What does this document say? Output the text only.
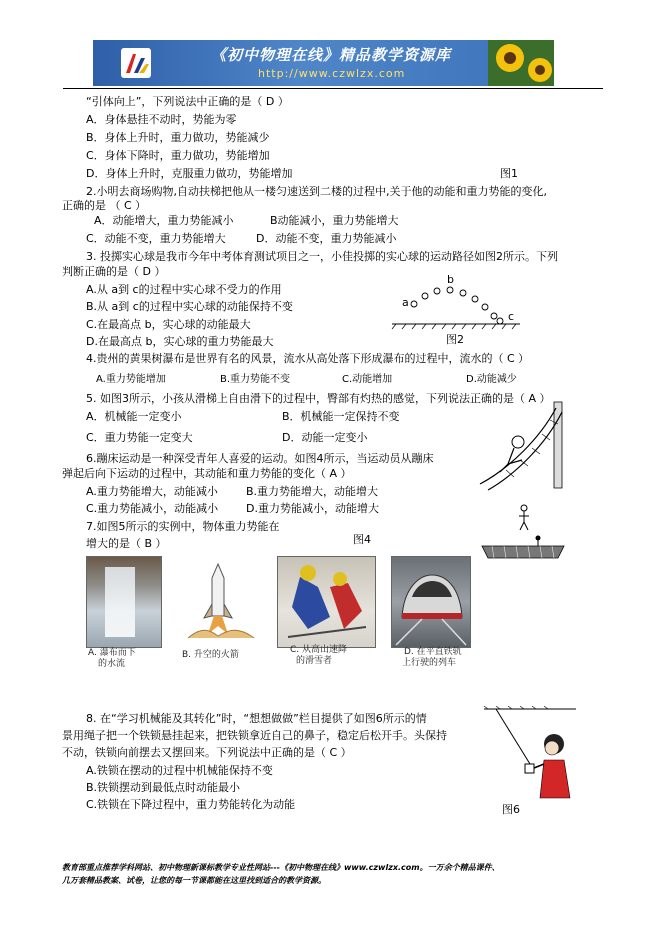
《初中物理在线》精品教学资源库
http://www.czwlzx.com
“引体向上”，下列说法中正确的是（ D ）
A．身体悬挂不动时，势能为零
B．身体上升时，重力做功，势能减少
C．身体下降时，重力做功，势能增加
D．身体上升时，克服重力做功，势能增加	图1
2.小明去商场购物,自动扶梯把他从一楼匀速送到二楼的过程中,关于他的动能和重力势能的变化,
正确的是 （ C ）
A．动能增大，重力势能减小	B动能减小，重力势能增大
C．动能不变，重力势能增大	D．动能不变，重力势能减小
3. 投掷实心球是我市今年中考体育测试项目之一，小佳投掷的实心球的运动路径如图2所示。下列
判断正确的是（ D ）
A.从 a到 c的过程中实心球不受力的作用
B.从 a到 c的过程中实心球的动能保持不变
C.在最高点 b，实心球的动能最大
D.在最高点 b，实心球的重力势能最大
a
b
c
图2
4.贵州的黄果树瀑布是世界有名的风景，流水从高处落下形成瀑布的过程中，流水的（ C ）
A.重力势能增加	B.重力势能不变	C.动能增加	D.动能减少
5. 如图3所示，小孩从滑梯上自由滑下的过程中，臀部有灼热的感觉，下列说法正确的是（ A ）
A．机械能一定变小	B．机械能一定保持不变
C．重力势能一定变大	D．动能一定变小
6.蹦床运动是一种深受青年人喜爱的运动。如图4所示，当运动员从蹦床
弹起后向下运动的过程中，其动能和重力势能的变化（ A ）
A.重力势能增大，动能减小	B.重力势能增大，动能增大
C.重力势能减小，动能减小	D.重力势能减小，动能增大
7.如图5所示的实例中，物体重力势能在
增大的是（ B ）	图4
A. 瀑布而下
的水流
B. 升空的火箭	C. 从高山速降
的滑雪者
D. 在平直铁轨
上行驶的列车
8. 在“学习机械能及其转化”时，“想想做做”栏目提供了如图6所示的情
景用绳子把一个铁锁悬挂起来，把铁锁拿近自己的鼻子，稳定后松开手。头保持
不动，铁锁向前摆去又摆回来。下列说法中正确的是（ C ）
A.铁锁在摆动的过程中机械能保持不变
B.铁锁摆动到最低点时动能最小
C.铁锁在下降过程中，重力势能转化为动能	图6
教育部重点推荐学科网站、初中物理新课标教学专业性网站---《初中物理在线》www.czwlzx.com。一万余个精品课件、
几万套精品教案、试卷，让您的每一节课都能在这里找到适合的教学资源。
